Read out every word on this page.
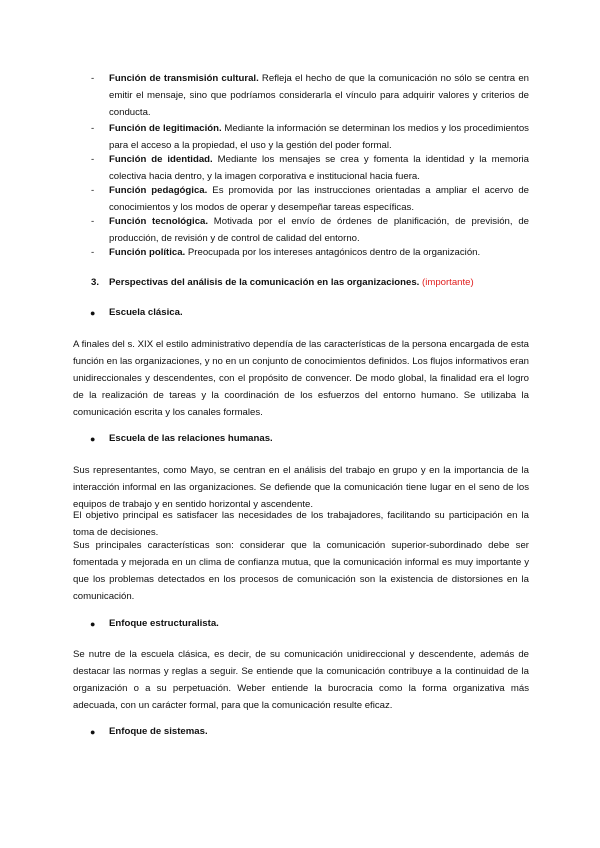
- Función de transmisión cultural. Refleja el hecho de que la comunicación no sólo se centra en emitir el mensaje, sino que podríamos considerarla el vínculo para adquirir valores y criterios de conducta.
- Función de legitimación. Mediante la información se determinan los medios y los procedimientos para el acceso a la propiedad, el uso y la gestión del poder formal.
- Función de identidad. Mediante los mensajes se crea y fomenta la identidad y la memoria colectiva hacia dentro, y la imagen corporativa e institucional hacia fuera.
- Función pedagógica. Es promovida por las instrucciones orientadas a ampliar el acervo de conocimientos y los modos de operar y desempeñar tareas específicas.
- Función tecnológica. Motivada por el envío de órdenes de planificación, de previsión, de producción, de revisión y de control de calidad del entorno.
- Función política. Preocupada por los intereses antagónicos dentro de la organización.
3. Perspectivas del análisis de la comunicación en las organizaciones. (importante)
● Escuela clásica.
A finales del s. XIX el estilo administrativo dependía de las características de la persona encargada de esta función en las organizaciones, y no en un conjunto de conocimientos definidos. Los flujos informativos eran unidireccionales y descendentes, con el propósito de convencer. De modo global, la finalidad era el logro de la realización de tareas y la coordinación de los esfuerzos del entorno humano. Se utilizaba la comunicación escrita y los canales formales.
● Escuela de las relaciones humanas.
Sus representantes, como Mayo, se centran en el análisis del trabajo en grupo y en la importancia de la interacción informal en las organizaciones. Se defiende que la comunicación tiene lugar en el seno de los equipos de trabajo y en sentido horizontal y ascendente.
El objetivo principal es satisfacer las necesidades de los trabajadores, facilitando su participación en la toma de decisiones.
Sus principales características son: considerar que la comunicación superior-subordinado debe ser fomentada y mejorada en un clima de confianza mutua, que la comunicación informal es muy importante y que los problemas detectados en los procesos de comunicación son la existencia de distorsiones en la comunicación.
● Enfoque estructuralista.
Se nutre de la escuela clásica, es decir, de su comunicación unidireccional y descendente, además de destacar las normas y reglas a seguir. Se entiende que la comunicación contribuye a la continuidad de la organización o a su perpetuación. Weber entiende la burocracia como la forma organizativa más adecuada, con un carácter formal, para que la comunicación resulte eficaz.
● Enfoque de sistemas.
